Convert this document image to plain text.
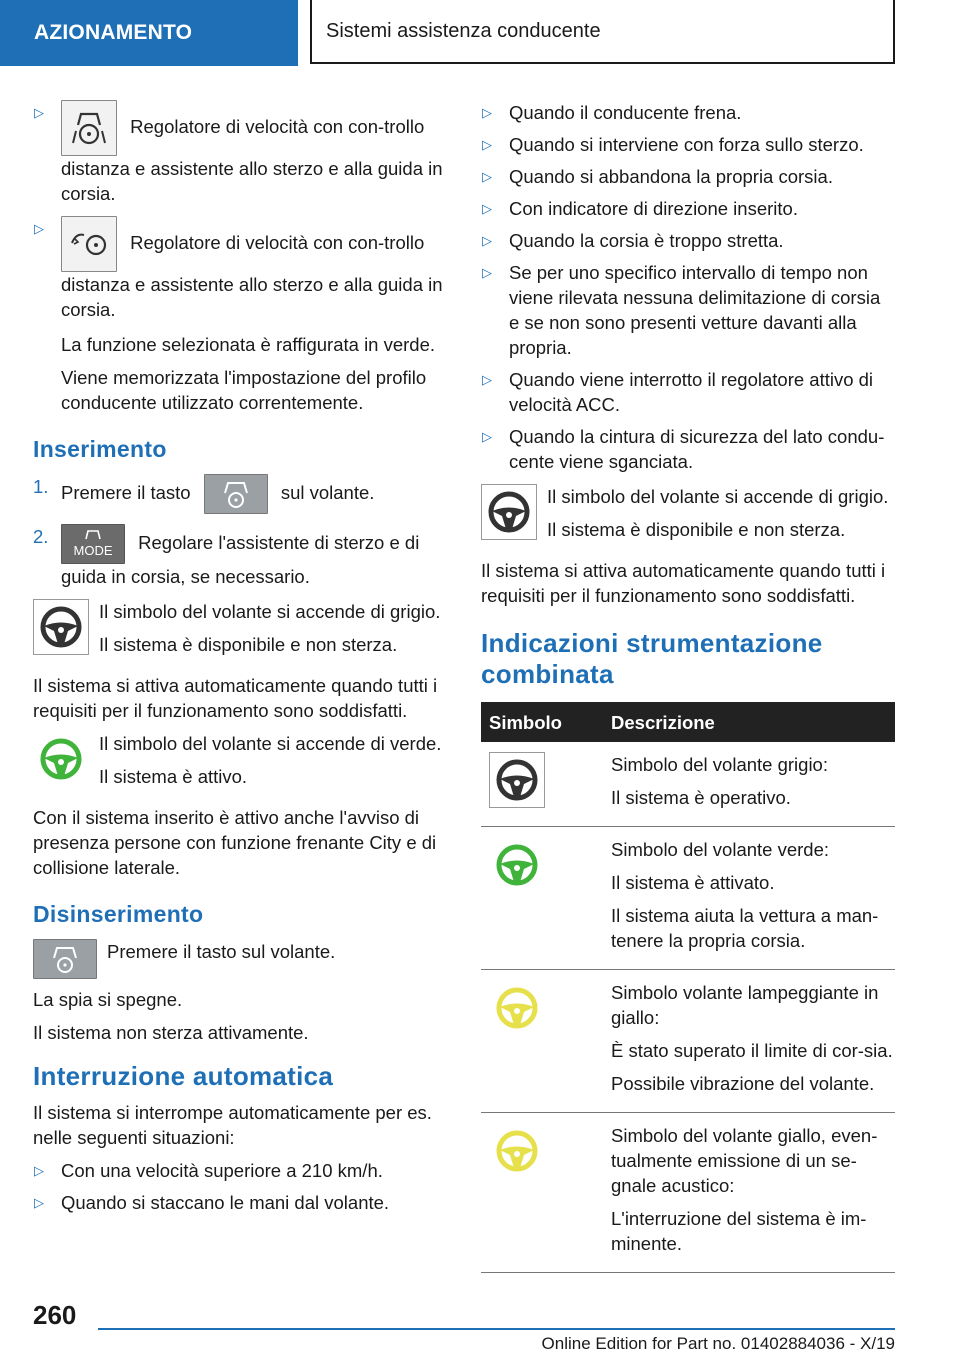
AZIONAMENTO	Sistemi assistenza conducente
▷
Regolatore di velocità con con-trollo distanza e assistente allo sterzo e alla guida in corsia.
▷
Regolatore di velocità con con-trollo distanza e assistente allo sterzo e alla guida in corsia.

La funzione selezionata è raffigurata in verde.

Viene memorizzata l'impostazione del profilo conducente utilizzato correntemente.

Inserimento
1. Premere il tasto	sul volante.
2.
MODE Regolare l'assistente di sterzo e di guida in corsia, se necessario.

Il simbolo del volante si accende di grigio.

Il sistema è disponibile e non sterza.

Il sistema si attiva automaticamente quando tutti i requisiti per il funzionamento sono soddisfatti.

Il simbolo del volante si accende di verde.

Il sistema è attivo.

Con il sistema inserito è attivo anche l'avviso di presenza persone con funzione frenante City e di collisione laterale.

Disinserimento

Premere il tasto sul volante.

La spia si spegne.

Il sistema non sterza attivamente.

Interruzione automatica

Il sistema si interrompe automaticamente per es. nelle seguenti situazioni:

▷ Con una velocità superiore a 210 km/h.
▷ Quando si staccano le mani dal volante.
▷ Quando il conducente frena.
▷ Quando si interviene con forza sullo sterzo.
▷ Quando si abbandona la propria corsia.
▷ Con indicatore di direzione inserito.
▷ Quando la corsia è troppo stretta.
▷ Se per uno specifico intervallo di tempo non viene rilevata nessuna delimitazione di corsia e se non sono presenti vetture davanti alla propria.
▷ Quando viene interrotto il regolatore attivo di velocità ACC.
▷ Quando la cintura di sicurezza del lato condu-cente viene sganciata.

Il simbolo del volante si accende di grigio.

Il sistema è disponibile e non sterza.

Il sistema si attiva automaticamente quando tutti i requisiti per il funzionamento sono soddisfatti.

Indicazioni strumentazione combinata
Simbolo	Descrizione

Simbolo del volante grigio:

Il sistema è operativo.

Simbolo del volante verde:

Il sistema è attivato.

Il sistema aiuta la vettura a man-tenere la propria corsia.

Simbolo volante lampeggiante in giallo:

È stato superato il limite di cor-sia.

Possibile vibrazione del volante.

Simbolo del volante giallo, even-tualmente emissione di un se-gnale acustico:

L'interruzione del sistema è im-minente.

260
Online Edition for Part no. 01402884036 - X/19
